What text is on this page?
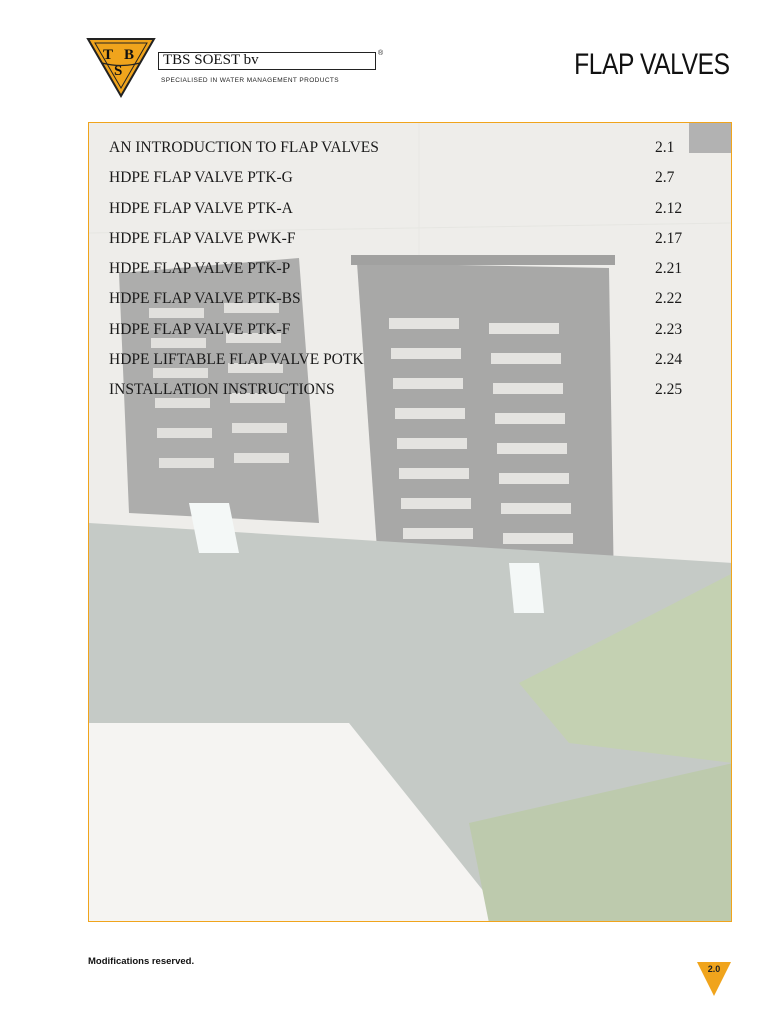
T B
S
TBS SOEST bv	®
SPECIALISED IN WATER MANAGEMENT PRODUCTS	FLAP VALVES
AN INTRODUCTION TO FLAP VALVES	2.1
HDPE FLAP VALVE PTK-G	2.7
HDPE FLAP VALVE PTK-A	2.12
HDPE FLAP VALVE PWK-F	2.17
HDPE FLAP VALVE PTK-P	2.21
HDPE FLAP VALVE PTK-BS	2.22
HDPE FLAP VALVE PTK-F	2.23
HDPE LIFTABLE FLAP VALVE POTK	2.24
INSTALLATION INSTRUCTIONS	2.25
Modifications reserved.
2.0
